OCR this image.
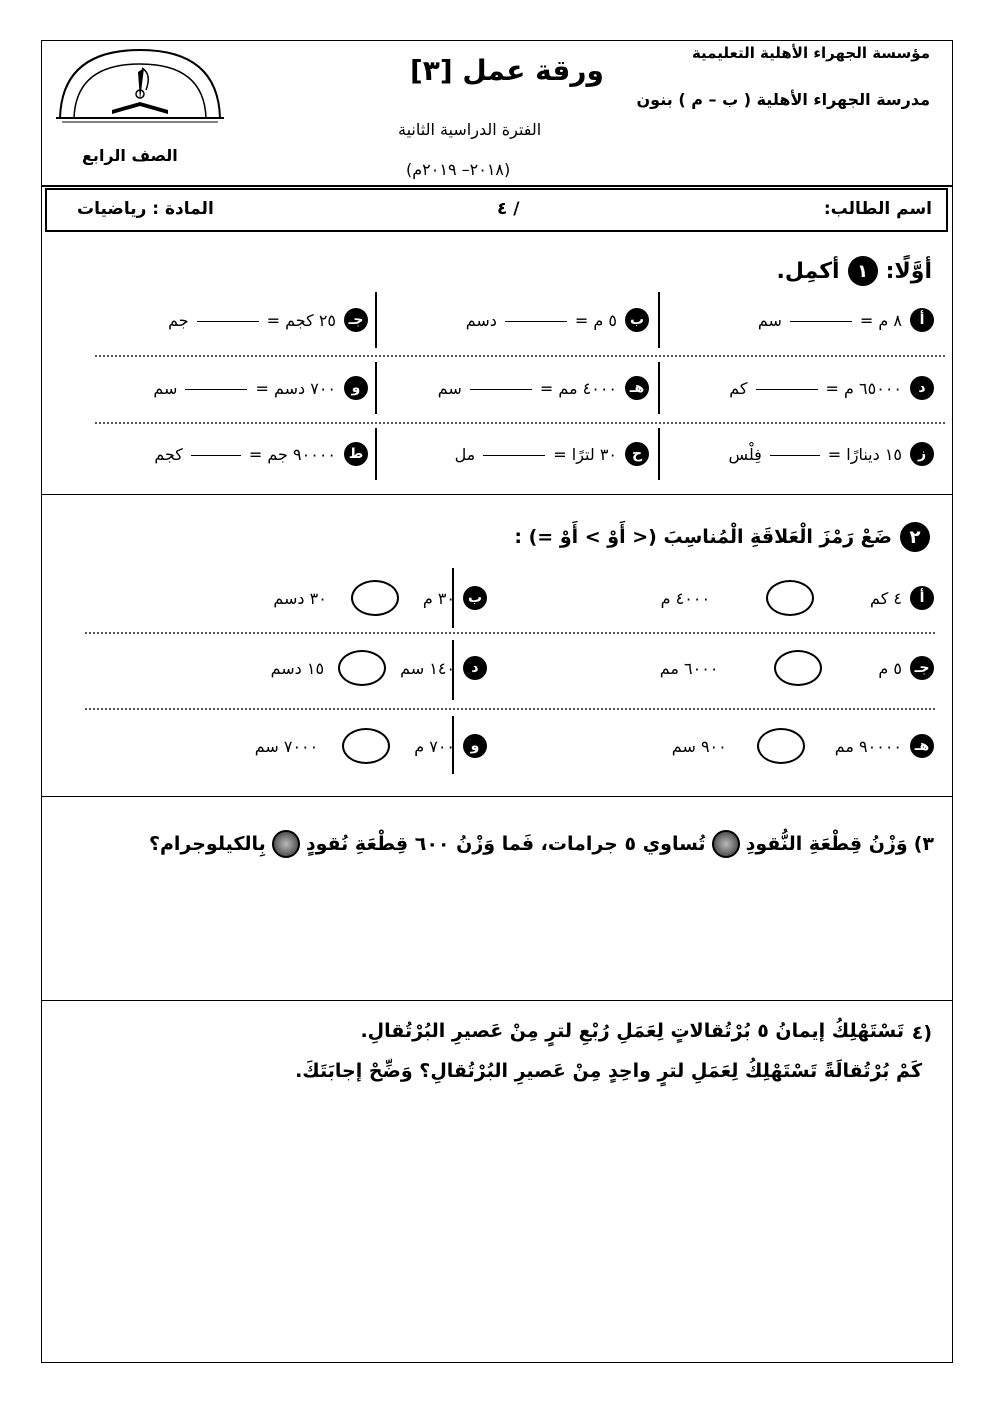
مؤسسة الجهراء الأهلية التعليمية
مدرسة الجهراء الأهلية ( ب – م ) بنون
ورقة عمل [٣]
الفترة الدراسية الثانية
(٢٠١٨– ٢٠١٩م)
الصف الرابع
اسم الطالب:
٤ /
المادة : رياضيات
أوَّلًا:
١
أكمِل.
أ
٨ م =
سم
ب
٥ م =
دسم
جـ
٢٥ كجم =
جم
د
٦٥٠٠٠ م =
كم
هـ
٤٠٠٠ مم =
سم
و
٧٠٠ دسم =
سم
ز
١٥ دينارًا =
فِلْس
ح
٣٠ لترًا =
مل
ط
٩٠٠٠٠ جم =
كجم
٢
ضَعْ رَمْزَ الْعَلاقَةِ الْمُناسِبَ (< أَوْ > أَوْ =) :
أ
٤ كم
٤٠٠٠ م
ب
٣٠ م
٣٠ دسم
جـ
٥ م
٦٠٠٠ مم
د
١٤٠ سم
١٥ دسم
هـ
٩٠٠٠٠ مم
٩٠٠ سم
و
٧٠٠ م
٧٠٠٠ سم
٣)
وَزْنُ قِطْعَةِ النُّقودِ
تُساوي ٥ جرامات، فَما وَزْنُ ٦٠٠ قِطْعَةِ نُقودٍ
بِالكيلوجرام؟
٤)
تَسْتَهْلِكُ إيمانُ ٥ بُرْتُقالاتٍ لِعَمَلِ رُبْعِ لترٍ مِنْ عَصيرِ البُرْتُقالِ.
كَمْ بُرْتُقالَةً تَسْتَهْلِكُ لِعَمَلِ لترٍ واحِدٍ مِنْ عَصيرِ البُرْتُقالِ؟ وَضِّحْ إجابَتَكَ.
